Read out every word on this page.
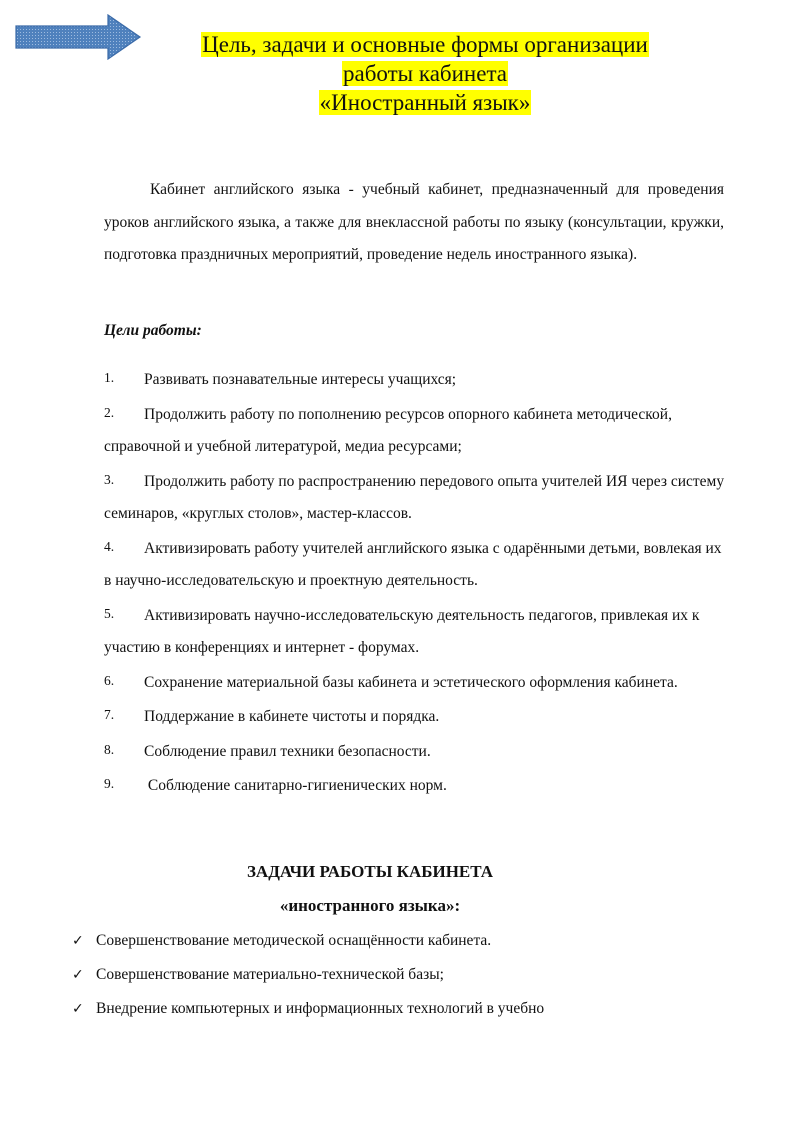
Цель, задачи и основные формы организации
работы кабинета
«Иностранный язык»

Кабинет английского языка - учебный кабинет, предназначенный для проведения уроков английского языка, а также для внеклассной работы по языку (консультации, кружки, подготовка праздничных мероприятий, проведение недель иностранного языка).

Цели работы:

1. Развивать познавательные интересы учащихся;
2. Продолжить работу по пополнению ресурсов опорного кабинета методической, справочной и учебной литературой, медиа ресурсами;
3. Продолжить работу по распространению передового опыта учителей ИЯ через систему семинаров, «круглых столов», мастер-классов.
4. Активизировать работу учителей английского языка с одарёнными детьми, вовлекая их в научно-исследовательскую и проектную деятельность.
5. Активизировать научно-исследовательскую деятельность педагогов, привлекая их к участию в конференциях и интернет - форумах.
6. Сохранение материальной базы кабинета и эстетического оформления кабинета.
7. Поддержание в кабинете чистоты и порядка.
8. Соблюдение правил техники безопасности.
9. Соблюдение санитарно-гигиенических норм.
ЗАДАЧИ РАБОТЫ КАБИНЕТА
«иностранного языка»:
✓ Совершенствование методической оснащённости кабинета.
✓ Совершенствование материально-технической базы;
✓ Внедрение компьютерных и информационных технологий в учебно
